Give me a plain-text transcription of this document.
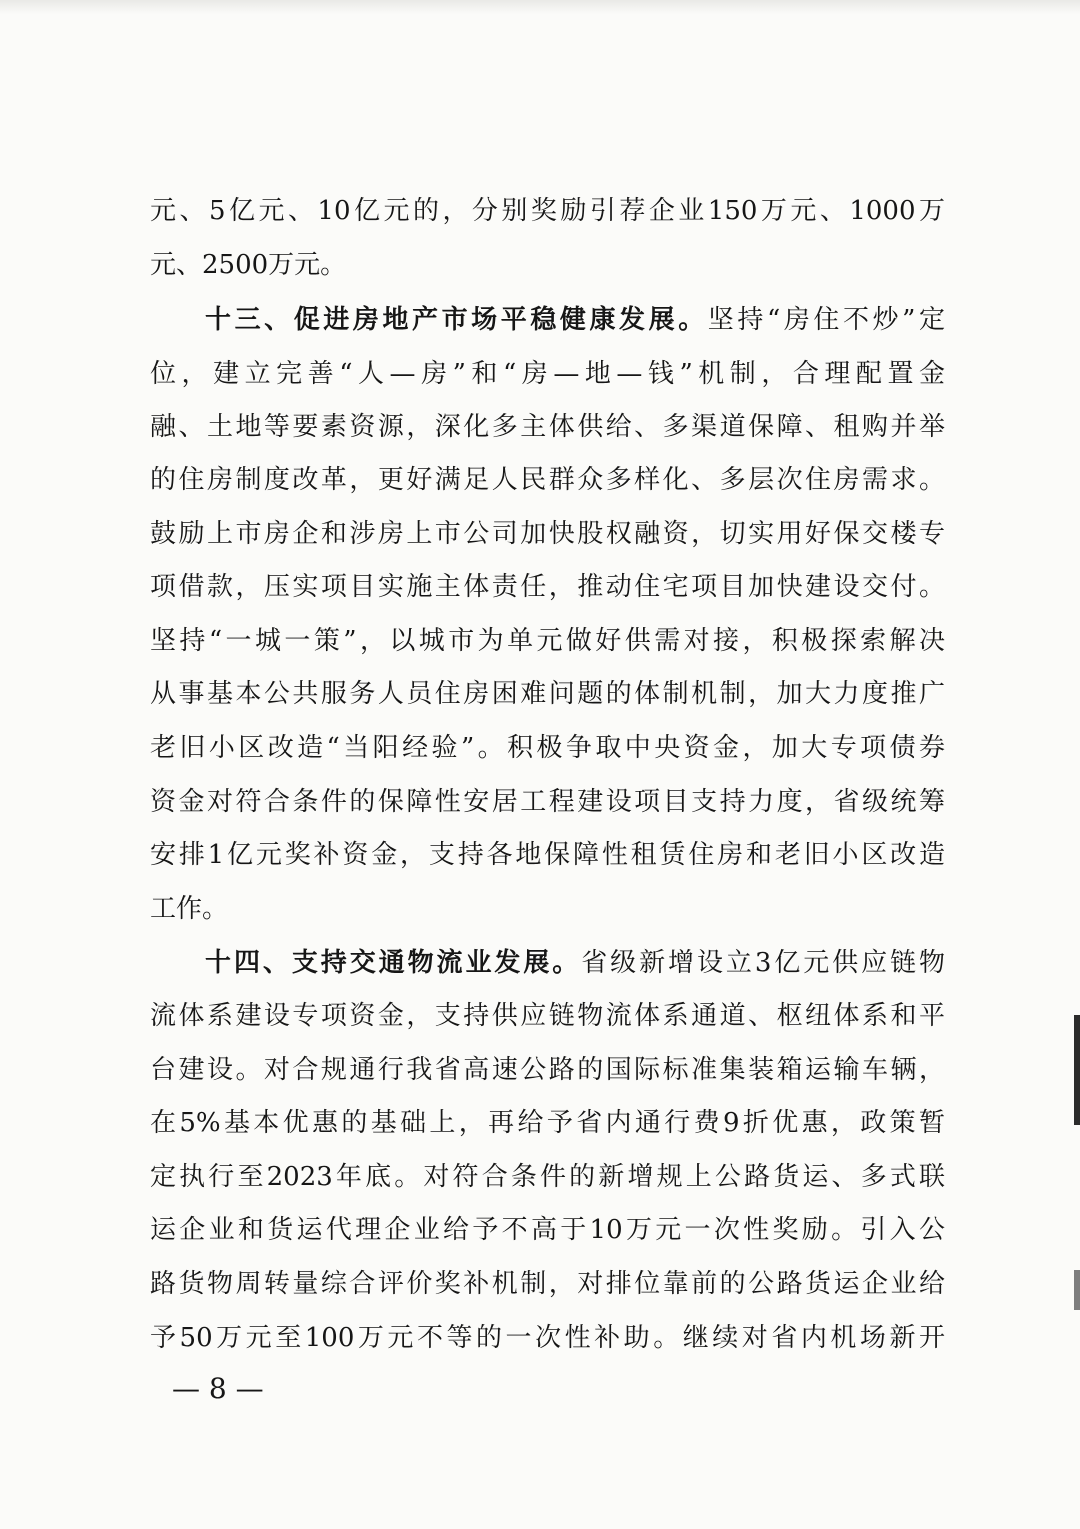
元、5亿元、10亿元的，分别奖励引荐企业150万元、1000万
元、2500万元。
十三、促进房地产市场平稳健康发展。坚持“房住不炒”定
位，建立完善“人—房”和“房—地—钱”机制，合理配置金
融、土地等要素资源，深化多主体供给、多渠道保障、租购并举
的住房制度改革，更好满足人民群众多样化、多层次住房需求。
鼓励上市房企和涉房上市公司加快股权融资，切实用好保交楼专
项借款，压实项目实施主体责任，推动住宅项目加快建设交付。
坚持“一城一策”，以城市为单元做好供需对接，积极探索解决
从事基本公共服务人员住房困难问题的体制机制，加大力度推广
老旧小区改造“当阳经验”。积极争取中央资金，加大专项债券
资金对符合条件的保障性安居工程建设项目支持力度，省级统筹
安排1亿元奖补资金，支持各地保障性租赁住房和老旧小区改造
工作。
十四、支持交通物流业发展。省级新增设立3亿元供应链物
流体系建设专项资金，支持供应链物流体系通道、枢纽体系和平
台建设。对合规通行我省高速公路的国际标准集装箱运输车辆，
在5%基本优惠的基础上，再给予省内通行费9折优惠，政策暂
定执行至2023年底。对符合条件的新增规上公路货运、多式联
运企业和货运代理企业给予不高于10万元一次性奖励。引入公
路货物周转量综合评价奖补机制，对排位靠前的公路货运企业给
予50万元至100万元不等的一次性补助。继续对省内机场新开
— 8 —
